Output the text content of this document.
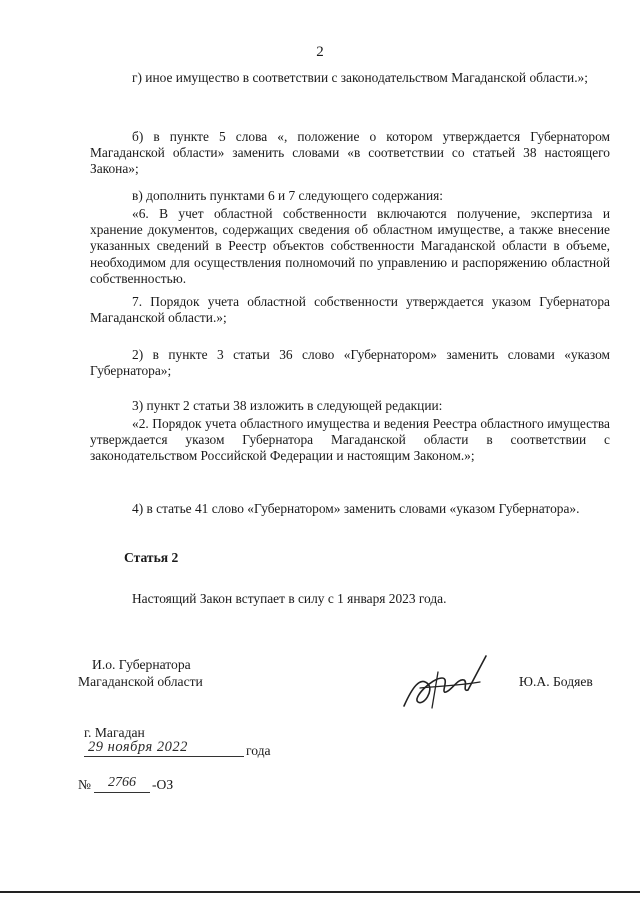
2

г) иное имущество в соответствии с законодательством Магаданской области.»;

б) в пункте 5 слова «, положение о котором утверждается Губернатором Магаданской области» заменить словами «в соответствии со статьей 38 настоящего Закона»;

в) дополнить пунктами 6 и 7 следующего содержания:

«6. В учет областной собственности включаются получение, экспертиза и хранение документов, содержащих сведения об областном имуществе, а также внесение указанных сведений в Реестр объектов собственности Магаданской области в объеме, необходимом для осуществления полномочий по управлению и распоряжению областной собственностью.

7. Порядок учета областной собственности утверждается указом Губернатора Магаданской области.»;

2) в пункте 3 статьи 36 слово «Губернатором» заменить словами «указом Губернатора»;

3) пункт 2 статьи 38 изложить в следующей редакции:

«2. Порядок учета областного имущества и ведения Реестра областного имущества утверждается указом Губернатора Магаданской области в соответствии с законодательством Российской Федерации и настоящим Законом.»;

4) в статье 41 слово «Губернатором» заменить словами «указом Губернатора».

Статья 2

Настоящий Закон вступает в силу с 1 января 2023 года.

И.о. Губернатора
Магаданской области	Ю.А. Бодяев
г. Магадан
29 ноября 2022	года
№	2766	-ОЗ
